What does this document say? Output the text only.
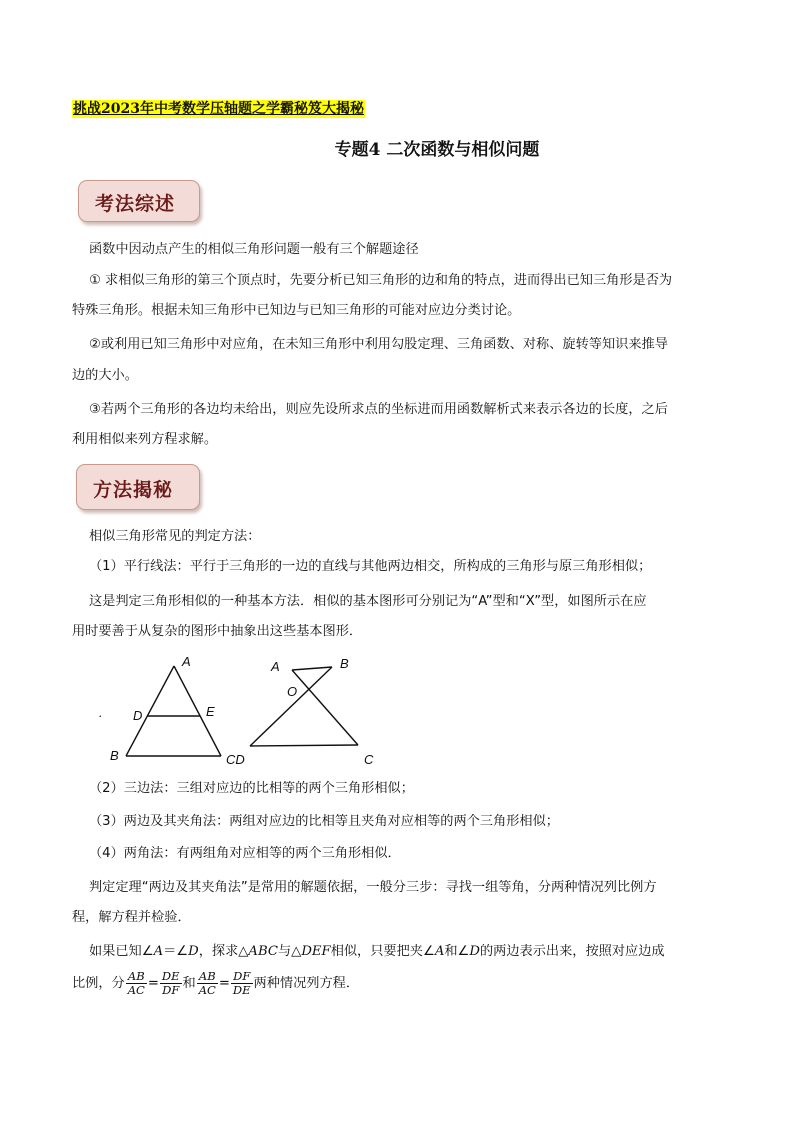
挑战2023年中考数学压轴题之学霸秘笈大揭秘
专题4 二次函数与相似问题
考法综述
函数中因动点产生的相似三角形问题一般有三个解题途径
① 求相似三角形的第三个顶点时，先要分析已知三角形的边和角的特点，进而得出已知三角形是否为
特殊三角形。根据未知三角形中已知边与已知三角形的可能对应边分类讨论。
②或利用已知三角形中对应角，在未知三角形中利用勾股定理、三角函数、对称、旋转等知识来推导
边的大小。
③若两个三角形的各边均未给出，则应先设所求点的坐标进而用函数解析式来表示各边的长度，之后
利用相似来列方程求解。
方法揭秘
相似三角形常见的判定方法：
（1）平行线法：平行于三角形的一边的直线与其他两边相交，所构成的三角形与原三角形相似；
这是判定三角形相似的一种基本方法．相似的基本图形可分别记为“A”型和“X”型，如图所示在应
用时要善于从复杂的图形中抽象出这些基本图形．
A
D	E
B
.
A	B
O
CD	C
（2）三边法：三组对应边的比相等的两个三角形相似；
（3）两边及其夹角法：两组对应边的比相等且夹角对应相等的两个三角形相似；
（4）两角法：有两组角对应相等的两个三角形相似．
判定定理“两边及其夹角法”是常用的解题依据，一般分三步：寻找一组等角，分两种情况列比例方
程，解方程并检验．
如果已知∠A＝∠D，探求△ABC与△DEF相似，只要把夹∠A和∠D的两边表示出来，按照对应边成
比例，分 $\frac{AB}{AC} = \frac{DE}{DF}$ 和 $\frac{AB}{AC} = \frac{DF}{DE}$ 两种情况列方程．
